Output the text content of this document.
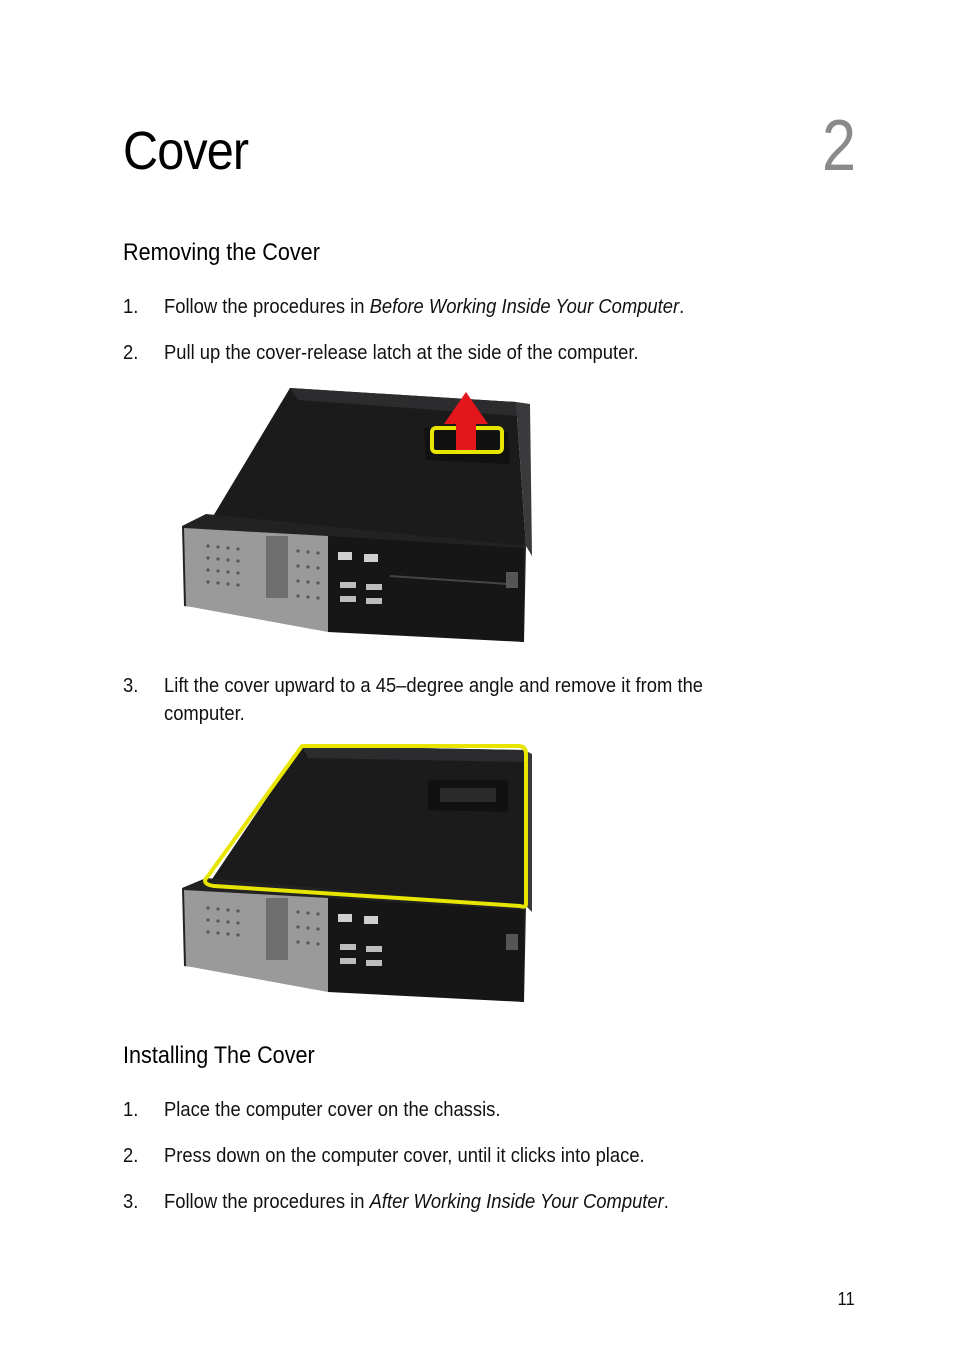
Cover	2
Removing the Cover
1. Follow the procedures in Before Working Inside Your Computer.
2. Pull up the cover-release latch at the side of the computer.
3. Lift the cover upward to a 45–degree angle and remove it from the computer.
Installing The Cover
1. Place the computer cover on the chassis.
2. Press down on the computer cover, until it clicks into place.
3. Follow the procedures in After Working Inside Your Computer.
11
